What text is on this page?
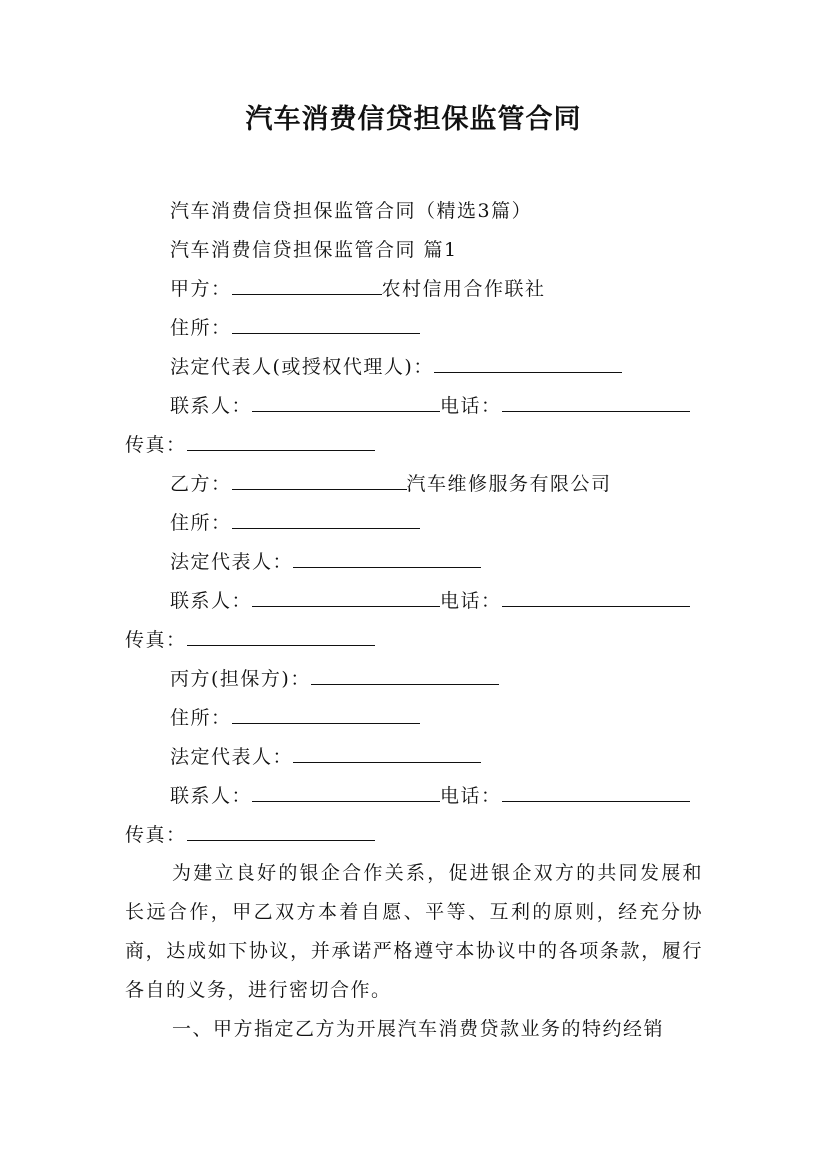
汽车消费信贷担保监管合同
汽车消费信贷担保监管合同（精选3篇）
汽车消费信贷担保监管合同 篇1
甲方：	农村信用合作联社
住所：
法定代表人(或授权代理人)：
联系人：	电话：
传真：
乙方：	汽车维修服务有限公司
住所：
法定代表人：
联系人：	电话：
传真：
丙方(担保方)：
住所：
法定代表人：
联系人：	电话：
传真：
为建立良好的银企合作关系，促进银企双方的共同发展和长远合作，甲乙双方本着自愿、平等、互利的原则，经充分协商，达成如下协议，并承诺严格遵守本协议中的各项条款，履行各自的义务，进行密切合作。
一、甲方指定乙方为开展汽车消费贷款业务的特约经销
